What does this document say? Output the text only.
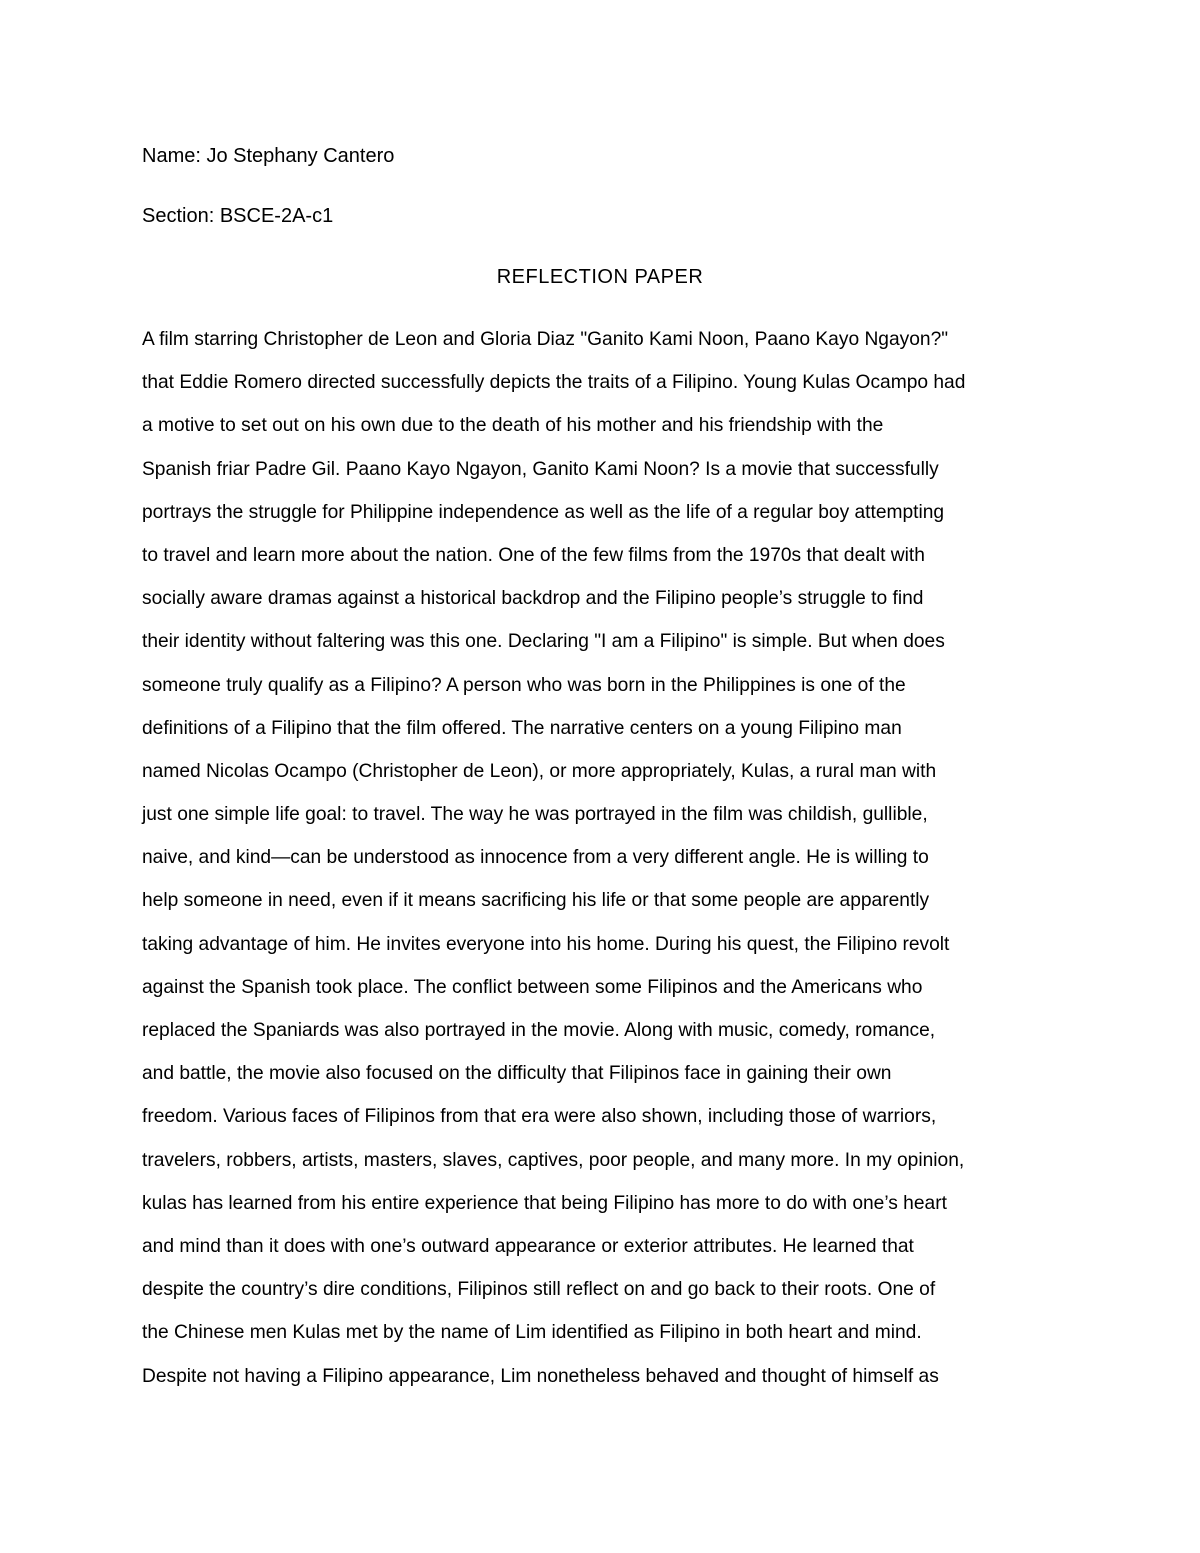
Name: Jo Stephany Cantero
Section: BSCE-2A-c1
REFLECTION PAPER
A film starring Christopher de Leon and Gloria Diaz "Ganito Kami Noon, Paano Kayo Ngayon?"
that Eddie Romero directed successfully depicts the traits of a Filipino. Young Kulas Ocampo had
a motive to set out on his own due to the death of his mother and his friendship with the
Spanish friar Padre Gil. Paano Kayo Ngayon, Ganito Kami Noon? Is a movie that successfully
portrays the struggle for Philippine independence as well as the life of a regular boy attempting
to travel and learn more about the nation. One of the few films from the 1970s that dealt with
socially aware dramas against a historical backdrop and the Filipino people’s struggle to find
their identity without faltering was this one. Declaring "I am a Filipino" is simple. But when does
someone truly qualify as a Filipino? A person who was born in the Philippines is one of the
definitions of a Filipino that the film offered. The narrative centers on a young Filipino man
named Nicolas Ocampo (Christopher de Leon), or more appropriately, Kulas, a rural man with
just one simple life goal: to travel. The way he was portrayed in the film was childish, gullible,
naive, and kind—can be understood as innocence from a very different angle. He is willing to
help someone in need, even if it means sacrificing his life or that some people are apparently
taking advantage of him. He invites everyone into his home. During his quest, the Filipino revolt
against the Spanish took place. The conflict between some Filipinos and the Americans who
replaced the Spaniards was also portrayed in the movie. Along with music, comedy, romance,
and battle, the movie also focused on the difficulty that Filipinos face in gaining their own
freedom. Various faces of Filipinos from that era were also shown, including those of warriors,
travelers, robbers, artists, masters, slaves, captives, poor people, and many more. In my opinion,
kulas has learned from his entire experience that being Filipino has more to do with one’s heart
and mind than it does with one’s outward appearance or exterior attributes. He learned that
despite the country’s dire conditions, Filipinos still reflect on and go back to their roots. One of
the Chinese men Kulas met by the name of Lim identified as Filipino in both heart and mind.
Despite not having a Filipino appearance, Lim nonetheless behaved and thought of himself as
